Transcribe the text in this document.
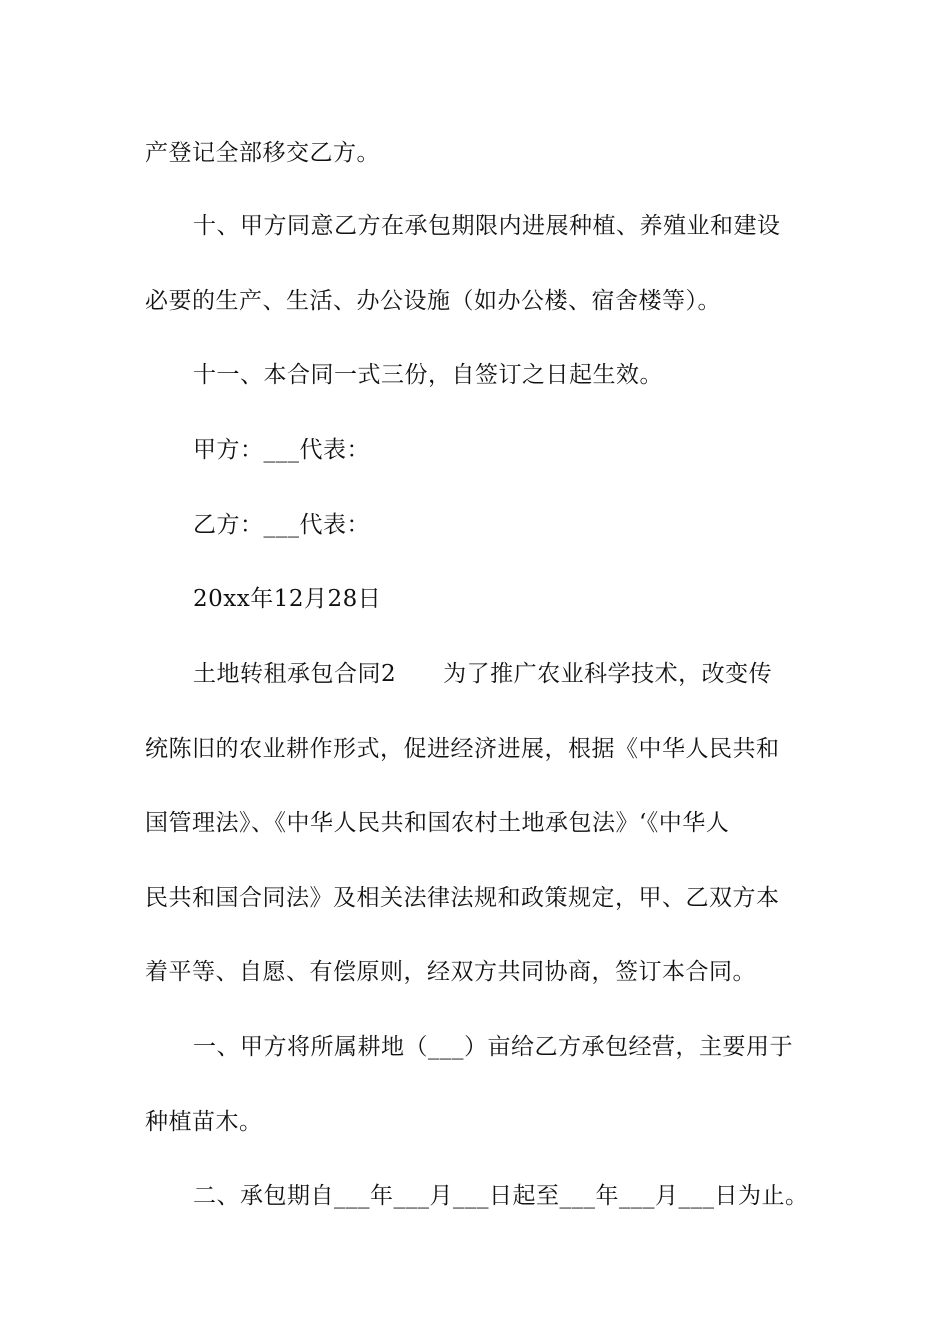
产登记全部移交乙方。
十、甲方同意乙方在承包期限内进展种植、养殖业和建设
必要的生产、生活、办公设施（如办公楼、宿舍楼等）。
十一、本合同一式三份，自签订之日起生效。
甲方：___代表：
乙方：___代表：
20xx年12月28日
土地转租承包合同2　　为了推广农业科学技术，改变传
统陈旧的农业耕作形式，促进经济进展，根据《中华人民共和
国管理法》、《中华人民共和国农村土地承包法》‘《中华人
民共和国合同法》及相关法律法规和政策规定，甲、乙双方本
着平等、自愿、有偿原则，经双方共同协商，签订本合同。
一、甲方将所属耕地（___）亩给乙方承包经营，主要用于
种植苗木。
二、承包期自___年___月___日起至___年___月___日为止。
